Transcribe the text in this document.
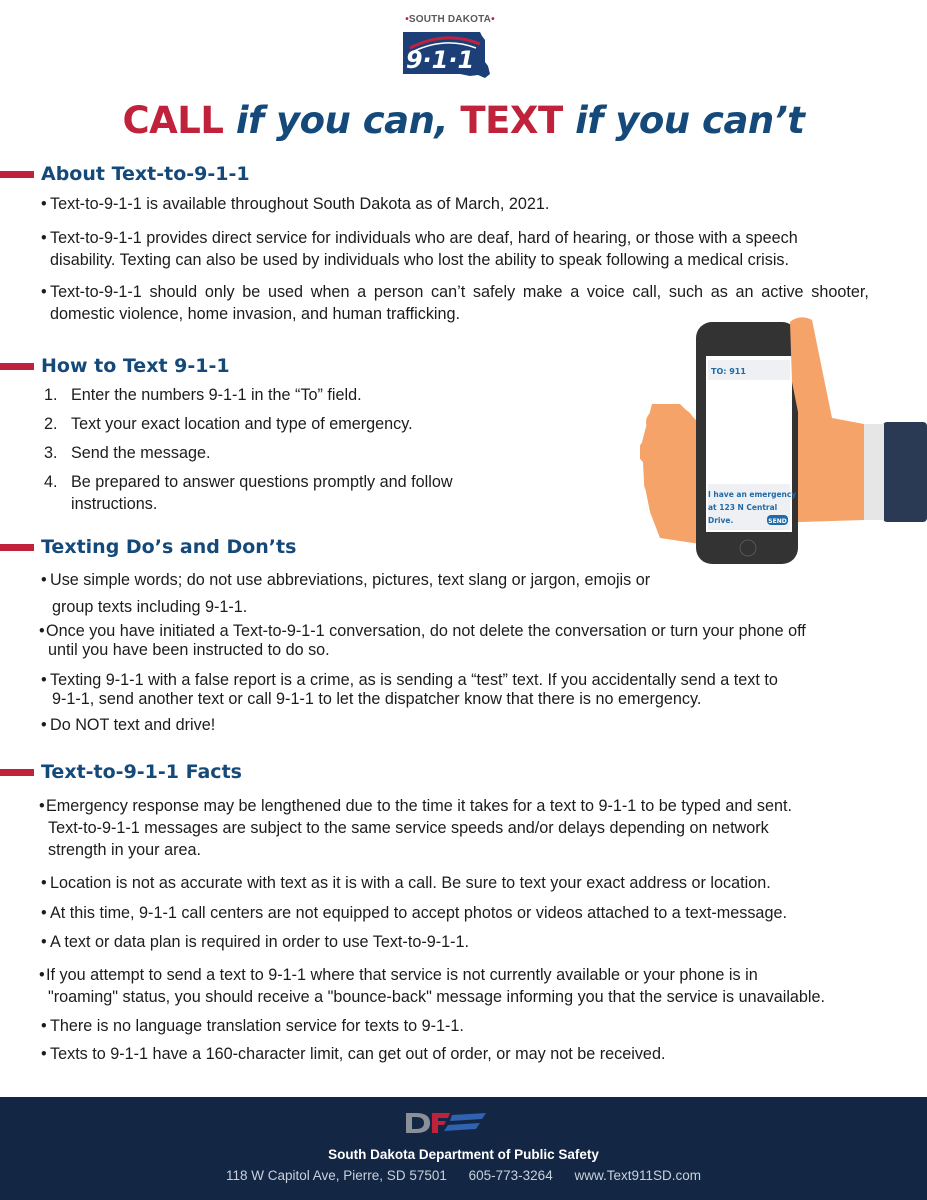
•SOUTH DAKOTA•
9·1·1
CALL if you can, TEXT if you can’t
About Text-to-9-1-1
• Text-to-9-1-1 is available throughout South Dakota as of March, 2021.
• Text-to-9-1-1 provides direct service for individuals who are deaf, hard of hearing, or those with a speech
disability. Texting can also be used by individuals who lost the ability to speak following a medical crisis.
• Text-to-9-1-1 should only be used when a person can’t safely make a voice call, such as an active shooter,
domestic violence, home invasion, and human trafficking.
How to Text 9-1-1
1. Enter the numbers 9-1-1 in the “To” field.
2. Text your exact location and type of emergency.
3. Send the message.
4. Be prepared to answer questions promptly and follow
instructions.
TO: 911
I have an emergency
at 123 N Central
Drive.	SEND
Texting Do’s and Don’ts
• Use simple words; do not use abbreviations, pictures, text slang or jargon, emojis or
group texts including 9-1-1.
•Once you have initiated a Text-to-9-1-1 conversation, do not delete the conversation or turn your phone off
until you have been instructed to do so.
• Texting 9-1-1 with a false report is a crime, as is sending a “test” text. If you accidentally send a text to
9-1-1, send another text or call 9-1-1 to let the dispatcher know that there is no emergency.
• Do NOT text and drive!
Text-to-9-1-1 Facts
•Emergency response may be lengthened due to the time it takes for a text to 9-1-1 to be typed and sent.
Text-to-9-1-1 messages are subject to the same service speeds and/or delays depending on network
strength in your area.
• Location is not as accurate with text as it is with a call. Be sure to text your exact address or location.
• At this time, 9-1-1 call centers are not equipped to accept photos or videos attached to a text-message.
• A text or data plan is required in order to use Text-to-9-1-1.
•If you attempt to send a text to 9-1-1 where that service is not currently available or your phone is in
"roaming" status, you should receive a "bounce-back" message informing you that the service is unavailable.
• There is no language translation service for texts to 9-1-1.
• Texts to 9-1-1 have a 160-character limit, can get out of order, or may not be received.
South Dakota Department of Public Safety
118 W Capitol Ave, Pierre, SD 57501 605-773-3264 www.Text911SD.com
